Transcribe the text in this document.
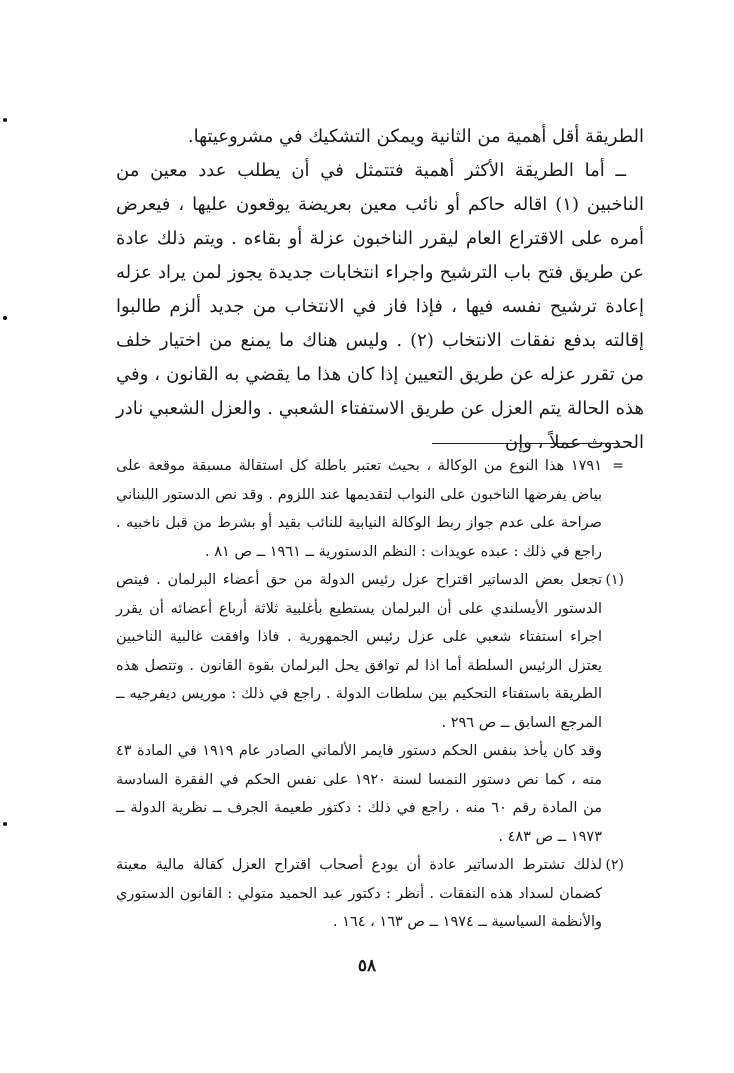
الطريقة أقل أهمية من الثانية ويمكن التشكيك في مشروعيتها.

ــ أما الطريقة الأكثر أهمية فتتمثل في أن يطلب عدد معين من الناخبين (١) اقاله حاكم أو نائب معين بعريضة يوقعون عليها ، فيعرض أمره على الاقتراع العام ليقرر الناخبون عزلة أو بقاءه . ويتم ذلك عادة عن طريق فتح باب الترشيح واجراء انتخابات جديدة يجوز لمن يراد عزله إعادة ترشيح نفسه فيها ، فإذا فاز في الانتخاب من جديد ألزم طالبوا إقالته بدفع نفقات الانتخاب (٢) . وليس هناك ما يمنع من اختيار خلف من تقرر عزله عن طريق التعيين إذا كان هذا ما يقضي به القانون ، وفي هذه الحالة يتم العزل عن طريق الاستفتاء الشعبي . والعزل الشعبي نادر الحدوث عملاً ، وإن

=

١٧٩١ هذا النوع من الوكالة ، بحيث تعتبر باطلة كل استقالة مسبقة موقعة على بياض يفرضها الناخبون على النواب لتقديمها عند اللزوم . وقد نص الدستور اللبناني صراحة على عدم جواز ربط الوكالة النيابية للنائب بقيد أو بشرط من قبل ناخبيه . راجع في ذلك : عبده عويدات : النظم الدستورية ــ ١٩٦١ ــ ص ٨١ .

(١)

تجعل بعض الدساتير اقتراح عزل رئيس الدولة من حق أعضاء البرلمان . فينص الدستور الأيسلندي على أن البرلمان يستطيع بأغلبية ثلاثة أرباع أعضائه أن يقرر اجراء استفتاء شعبي على عزل رئيس الجمهورية . فاذا وافقت غالبية الناخبين يعتزل الرئيس السلطة أما اذا لم توافق يحل البرلمان بقوة القانون . وتتصل هذه الطريقة باستفتاء التحكيم بين سلطات الدولة . راجع في ذلك : موريس ديفرجيه ــ المرجع السابق ــ ص ٢٩٦ .

وقد كان يأخذ بنفس الحكم دستور فايمر الألماني الصادر عام ١٩١٩ في المادة ٤٣ منه ، كما نص دستور النمسا لسنة ١٩٢٠ على نفس الحكم في الفقرة السادسة من المادة رقم ٦٠ منه . راجع في ذلك : دكتور طعيمة الجرف ــ نظرية الدولة ــ ١٩٧٣ ــ ص ٤٨٣ .

(٢)

لذلك تشترط الدساتير عادة أن يودع أصحاب اقتراح العزل كفالة مالية معينة كضمان لسداد هذه النفقات . أنظر : دكتور عبد الحميد متولي : القانون الدستوري والأنظمة السياسية ــ ١٩٧٤ ــ ص ١٦٣ ، ١٦٤ .

٥٨
